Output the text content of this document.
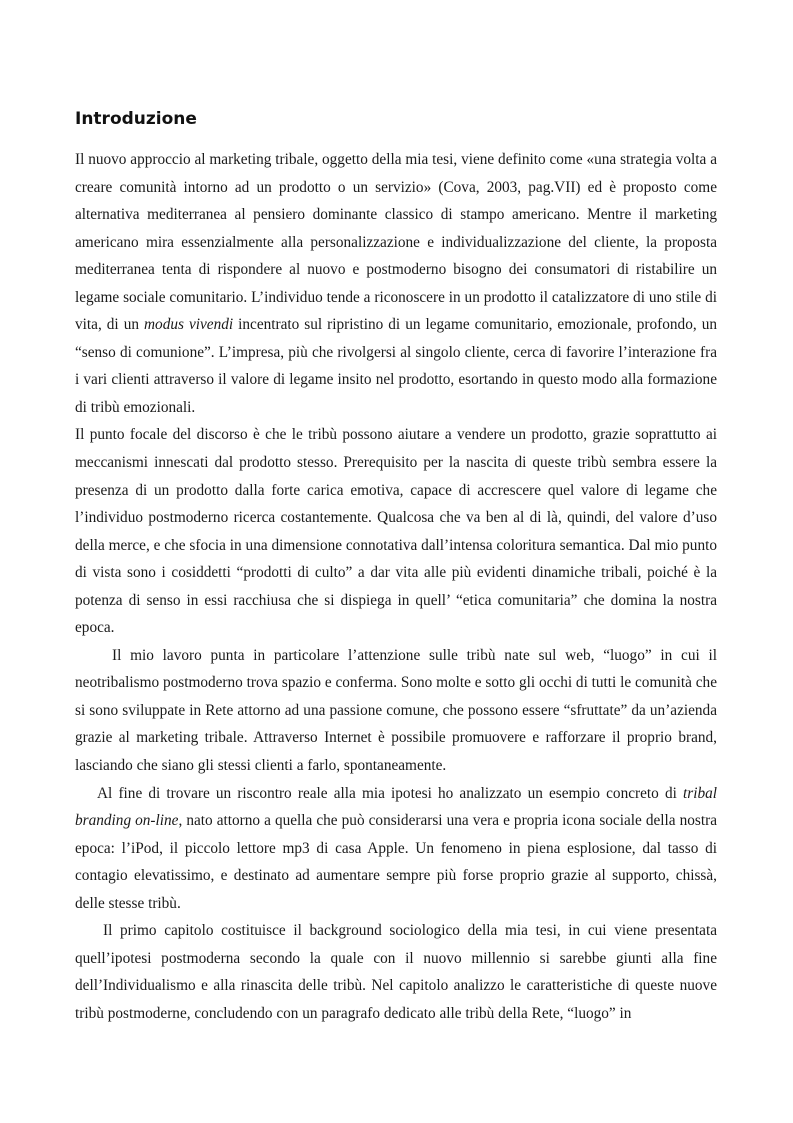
Introduzione

Il nuovo approccio al marketing tribale, oggetto della mia tesi, viene definito come «una strategia volta a creare comunità intorno ad un prodotto o un servizio» (Cova, 2003, pag.VII) ed è proposto come alternativa mediterranea al pensiero dominante classico di stampo americano. Mentre il marketing americano mira essenzialmente alla personalizzazione e individualizzazione del cliente, la proposta mediterranea tenta di rispondere al nuovo e postmoderno bisogno dei consumatori di ristabilire un legame sociale comunitario. L’individuo tende a riconoscere in un prodotto il catalizzatore di uno stile di vita, di un modus vivendi incentrato sul ripristino di un legame comunitario, emozionale, profondo, un “senso di comunione”. L’impresa, più che rivolgersi al singolo cliente, cerca di favorire l’interazione fra i vari clienti attraverso il valore di legame insito nel prodotto, esortando in questo modo alla formazione di tribù emozionali.

Il punto focale del discorso è che le tribù possono aiutare a vendere un prodotto, grazie soprattutto ai meccanismi innescati dal prodotto stesso. Prerequisito per la nascita di queste tribù sembra essere la presenza di un prodotto dalla forte carica emotiva, capace di accrescere quel valore di legame che l’individuo postmoderno ricerca costantemente. Qualcosa che va ben al di là, quindi, del valore d’uso della merce, e che sfocia in una dimensione connotativa dall’intensa coloritura semantica. Dal mio punto di vista sono i cosiddetti “prodotti di culto” a dar vita alle più evidenti dinamiche tribali, poiché è la potenza di senso in essi racchiusa che si dispiega in quell’ “etica comunitaria” che domina la nostra epoca.

Il mio lavoro punta in particolare l’attenzione sulle tribù nate sul web, “luogo” in cui il neotribalismo postmoderno trova spazio e conferma. Sono molte e sotto gli occhi di tutti le comunità che si sono sviluppate in Rete attorno ad una passione comune, che possono essere “sfruttate” da un’azienda grazie al marketing tribale. Attraverso Internet è possibile promuovere e rafforzare il proprio brand, lasciando che siano gli stessi clienti a farlo, spontaneamente.

Al fine di trovare un riscontro reale alla mia ipotesi ho analizzato un esempio concreto di tribal branding on-line, nato attorno a quella che può considerarsi una vera e propria icona sociale della nostra epoca: l’iPod, il piccolo lettore mp3 di casa Apple. Un fenomeno in piena esplosione, dal tasso di contagio elevatissimo, e destinato ad aumentare sempre più forse proprio grazie al supporto, chissà, delle stesse tribù.

Il primo capitolo costituisce il background sociologico della mia tesi, in cui viene presentata quell’ipotesi postmoderna secondo la quale con il nuovo millennio si sarebbe giunti alla fine dell’Individualismo e alla rinascita delle tribù. Nel capitolo analizzo le caratteristiche di queste nuove tribù postmoderne, concludendo con un paragrafo dedicato alle tribù della Rete, “luogo” in
